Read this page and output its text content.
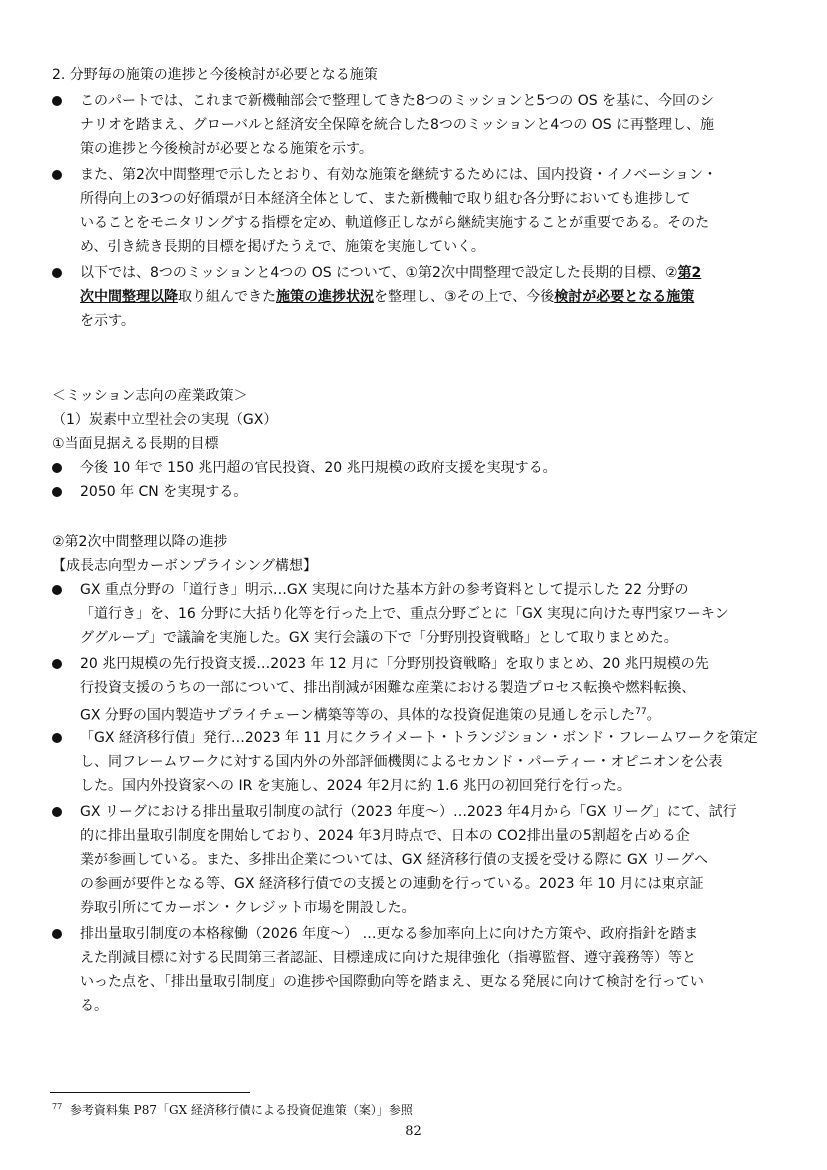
2. 分野毎の施策の進捗と今後検討が必要となる施策
このパートでは、これまで新機軸部会で整理してきた8つのミッションと5つの OS を基に、今回のシ
ナリオを踏まえ、グローバルと経済安全保障を統合した8つのミッションと4つの OS に再整理し、施
策の進捗と今後検討が必要となる施策を示す。
また、第2次中間整理で示したとおり、有効な施策を継続するためには、国内投資・イノベーション・
所得向上の3つの好循環が日本経済全体として、また新機軸で取り組む各分野においても進捗して
いることをモニタリングする指標を定め、軌道修正しながら継続実施することが重要である。そのた
め、引き続き長期的目標を掲げたうえで、施策を実施していく。
以下では、8つのミッションと4つの OS について、①第2次中間整理で設定した長期的目標、②第2
次中間整理以降取り組んできた施策の進捗状況を整理し、③その上で、今後検討が必要となる施策
を示す。
＜ミッション志向の産業政策＞
（1）炭素中立型社会の実現（GX）
①当面見据える長期的目標
今後 10 年で 150 兆円超の官民投資、20 兆円規模の政府支援を実現する。
2050 年 CN を実現する。
②第2次中間整理以降の進捗
【成長志向型カーボンプライシング構想】
GX 重点分野の「道行き」明示…GX 実現に向けた基本方針の参考資料として提示した 22 分野の
「道行き」を、16 分野に大括り化等を行った上で、重点分野ごとに「GX 実現に向けた専門家ワーキン
ググループ」で議論を実施した。GX 実行会議の下で「分野別投資戦略」として取りまとめた。
20 兆円規模の先行投資支援…2023 年 12 月に「分野別投資戦略」を取りまとめ、20 兆円規模の先
行投資支援のうちの一部について、排出削減が困難な産業における製造プロセス転換や燃料転換、
GX 分野の国内製造サプライチェーン構築等等の、具体的な投資促進策の見通しを示した$^{77}$。
「GX 経済移行債」発行…2023 年 11 月にクライメート・トランジション・ボンド・フレームワークを策定
し、同フレームワークに対する国内外の外部評価機関によるセカンド・パーティー・オピニオンを公表
した。国内外投資家への IR を実施し、2024 年2月に約 1.6 兆円の初回発行を行った。
GX リーグにおける排出量取引制度の試行（2023 年度～）…2023 年4月から「GX リーグ」にて、試行
的に排出量取引制度を開始しており、2024 年3月時点で、日本の CO2排出量の5割超を占める企
業が参画している。また、多排出企業については、GX 経済移行債の支援を受ける際に GX リーグへ
の参画が要件となる等、GX 経済移行債での支援との連動を行っている。2023 年 10 月には東京証
券取引所にてカーボン・クレジット市場を開設した。
排出量取引制度の本格稼働（2026 年度～） …更なる参加率向上に向けた方策や、政府指針を踏ま
えた削減目標に対する民間第三者認証、目標達成に向けた規律強化（指導監督、遵守義務等）等と
いった点を、「排出量取引制度」の進捗や国際動向等を踏まえ、更なる発展に向けて検討を行ってい
る。
$^{77}$ 参考資料集 P87「GX 経済移行債による投資促進策（案）」参照
82
